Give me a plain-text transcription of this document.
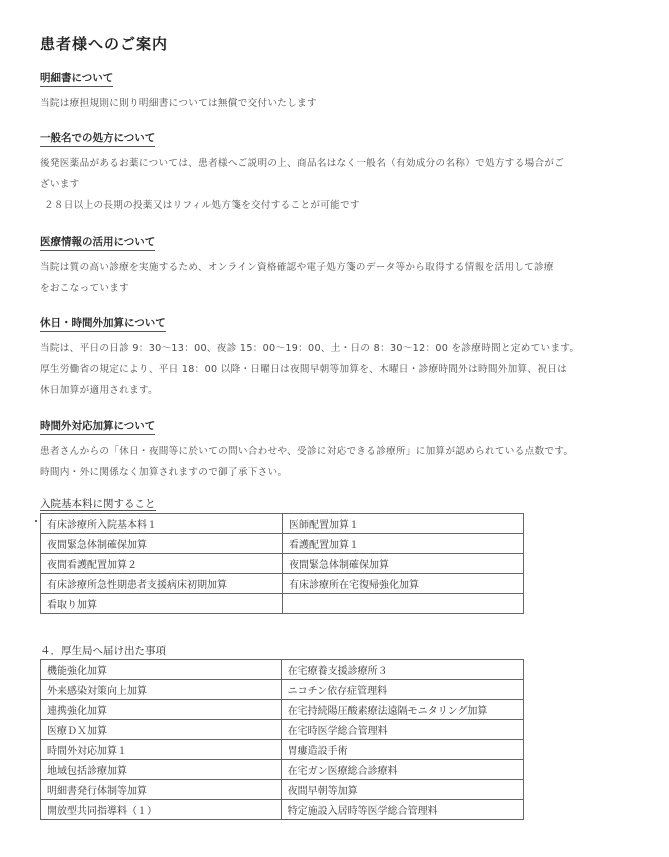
患者様へのご案内
明細書について

当院は療担規則に則り明細書については無償で交付いたします

一般名での処方について

後発医薬品があるお薬については、患者様へご説明の上、商品名はなく一般名（有効成分の名称）で処方する場合がご

ざいます

２８日以上の長期の投薬又はリフィル処方箋を交付することが可能です

医療情報の活用について

当院は質の高い診療を実施するため、オンライン資格確認や電子処方箋のデータ等から取得する情報を活用して診療

をおこなっています

休日・時間外加算について

当院は、平日の日診 9：30〜13：00、夜診 15：00〜19：00、土・日の 8：30〜12：00 を診療時間と定めています。

厚生労働省の規定により、平日 18：00 以降・日曜日は夜間早朝等加算を、木曜日・診療時間外は時間外加算、祝日は

休日加算が適用されます。

時間外対応加算について

患者さんからの「休日・夜間等に於いての問い合わせや、受診に対応できる診療所」に加算が認められている点数です。

時間内・外に関係なく加算されますので御了承下さい。

入院基本料に関すること
有床診療所入院基本料１	医師配置加算１
夜間緊急体制確保加算	看護配置加算１
夜間看護配置加算２	夜間緊急体制確保加算
有床診療所急性期患者支援病床初期加算	有床診療所在宅復帰強化加算
看取り加算	
４．厚生局へ届け出た事項
機能強化加算	在宅療養支援診療所３
外来感染対策向上加算	ニコチン依存症管理料
連携強化加算	在宅持続陽圧酸素療法遠隔モニタリング加算
医療ＤＸ加算	在宅時医学総合管理料
時間外対応加算１	胃瘻造設手術
地域包括診療加算	在宅ガン医療総合診療料
明細書発行体制等加算	夜間早朝等加算
開放型共同指導料（１）	特定施設入居時等医学総合管理料
